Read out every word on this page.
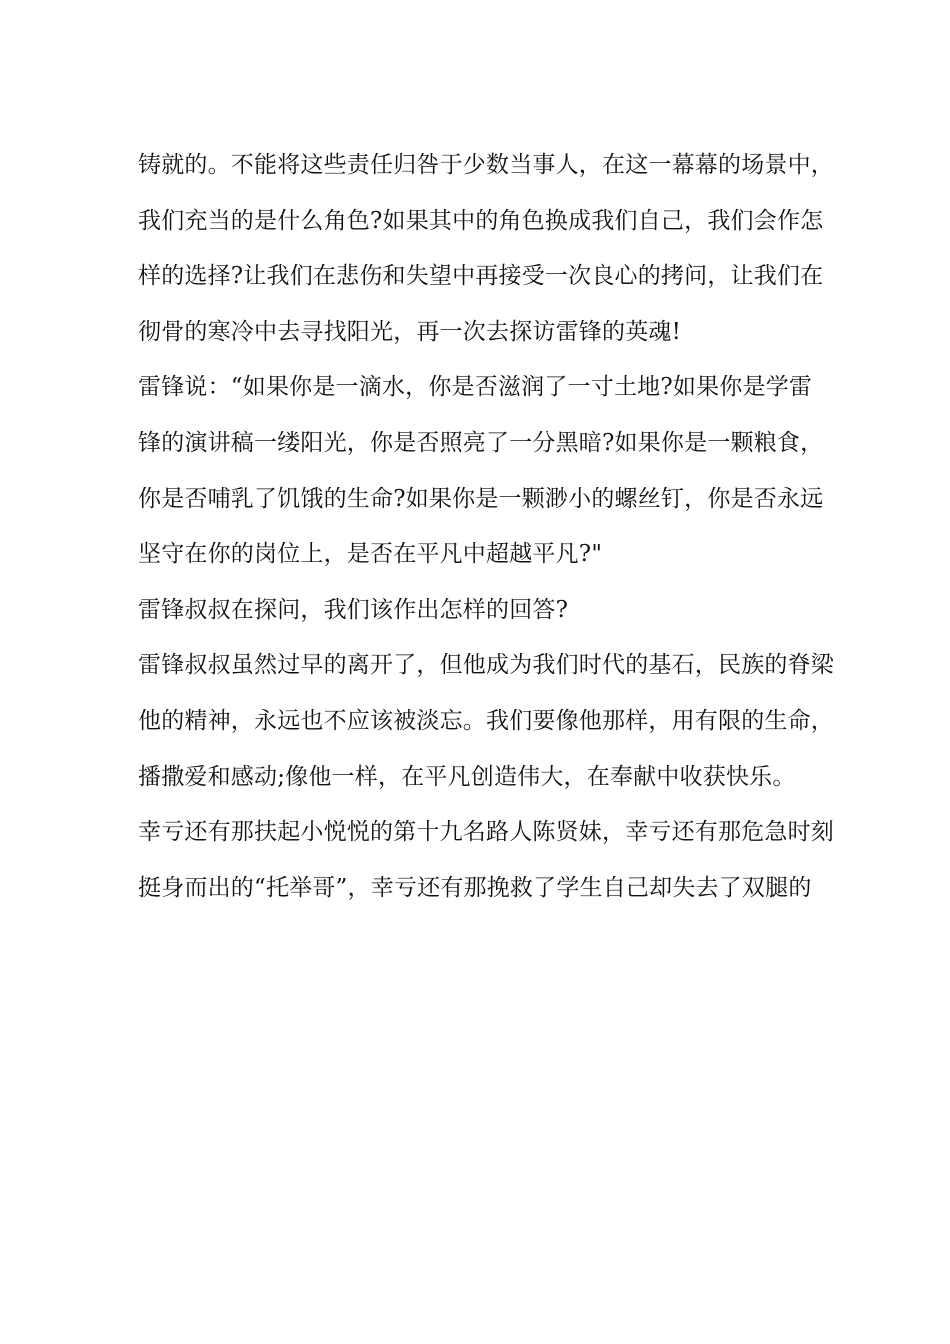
铸就的。不能将这些责任归咎于少数当事人，在这一幕幕的场景中，
我们充当的是什么角色?如果其中的角色换成我们自己，我们会作怎
样的选择?让我们在悲伤和失望中再接受一次良心的拷问，让我们在
彻骨的寒冷中去寻找阳光，再一次去探访雷锋的英魂!
雷锋说：“如果你是一滴水，你是否滋润了一寸土地?如果你是学雷
锋的演讲稿一缕阳光，你是否照亮了一分黑暗?如果你是一颗粮食，
你是否哺乳了饥饿的生命?如果你是一颗渺小的螺丝钉，你是否永远
坚守在你的岗位上，是否在平凡中超越平凡?"
雷锋叔叔在探问，我们该作出怎样的回答?
雷锋叔叔虽然过早的离开了，但他成为我们时代的基石，民族的脊梁
他的精神，永远也不应该被淡忘。我们要像他那样，用有限的生命，
播撒爱和感动;像他一样，在平凡创造伟大，在奉献中收获快乐。
幸亏还有那扶起小悦悦的第十九名路人陈贤妹，幸亏还有那危急时刻
挺身而出的“托举哥”，幸亏还有那挽救了学生自己却失去了双腿的
